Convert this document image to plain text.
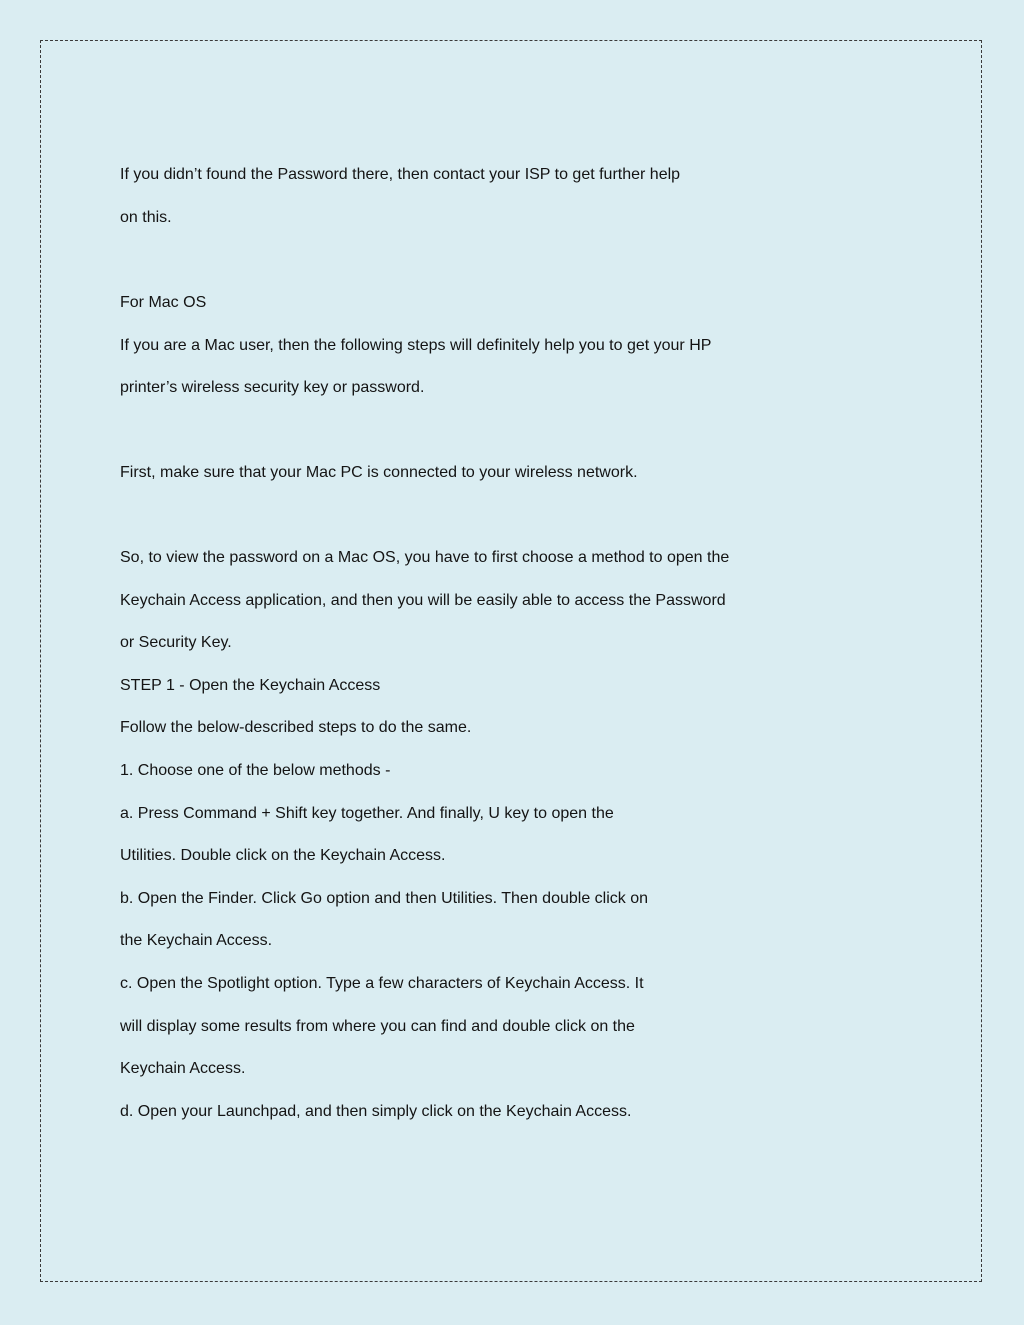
If you didn’t found the Password there, then contact your ISP to get further help
on this.
For Mac OS
If you are a Mac user, then the following steps will definitely help you to get your HP
printer’s wireless security key or password.
First, make sure that your Mac PC is connected to your wireless network.
So, to view the password on a Mac OS, you have to first choose a method to open the
Keychain Access application, and then you will be easily able to access the Password
or Security Key.
STEP 1 - Open the Keychain Access
Follow the below-described steps to do the same.
1. Choose one of the below methods -
a. Press Command + Shift key together. And finally, U key to open the
Utilities. Double click on the Keychain Access.
b. Open the Finder. Click Go option and then Utilities. Then double click on
the Keychain Access.
c. Open the Spotlight option. Type a few characters of Keychain Access. It
will display some results from where you can find and double click on the
Keychain Access.
d. Open your Launchpad, and then simply click on the Keychain Access.
